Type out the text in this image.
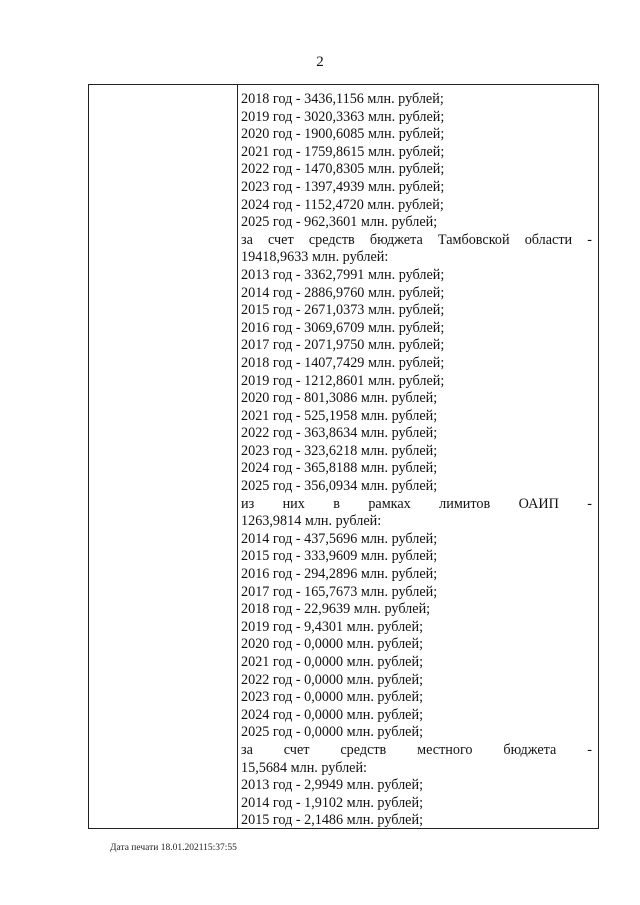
2
2018 год - 3436,1156 млн. рублей;
2019 год - 3020,3363 млн. рублей;
2020 год - 1900,6085 млн. рублей;
2021 год - 1759,8615 млн. рублей;
2022 год - 1470,8305 млн. рублей;
2023 год - 1397,4939 млн. рублей;
2024 год - 1152,4720 млн. рублей;
2025 год - 962,3601 млн. рублей;
за счет средств бюджета Тамбовской области -
19418,9633 млн. рублей:
2013 год - 3362,7991 млн. рублей;
2014 год - 2886,9760 млн. рублей;
2015 год - 2671,0373 млн. рублей;
2016 год - 3069,6709 млн. рублей;
2017 год - 2071,9750 млн. рублей;
2018 год - 1407,7429 млн. рублей;
2019 год - 1212,8601 млн. рублей;
2020 год - 801,3086 млн. рублей;
2021 год - 525,1958 млн. рублей;
2022 год - 363,8634 млн. рублей;
2023 год - 323,6218 млн. рублей;
2024 год - 365,8188 млн. рублей;
2025 год - 356,0934 млн. рублей;
из них в рамках лимитов ОАИП -
1263,9814 млн. рублей:
2014 год - 437,5696 млн. рублей;
2015 год - 333,9609 млн. рублей;
2016 год - 294,2896 млн. рублей;
2017 год - 165,7673 млн. рублей;
2018 год - 22,9639 млн. рублей;
2019 год - 9,4301 млн. рублей;
2020 год - 0,0000 млн. рублей;
2021 год - 0,0000 млн. рублей;
2022 год - 0,0000 млн. рублей;
2023 год - 0,0000 млн. рублей;
2024 год - 0,0000 млн. рублей;
2025 год - 0,0000 млн. рублей;
за счет средств местного бюджета -
15,5684 млн. рублей:
2013 год - 2,9949 млн. рублей;
2014 год - 1,9102 млн. рублей;
2015 год - 2,1486 млн. рублей;
Дата печати 18.01.202115:37:55
